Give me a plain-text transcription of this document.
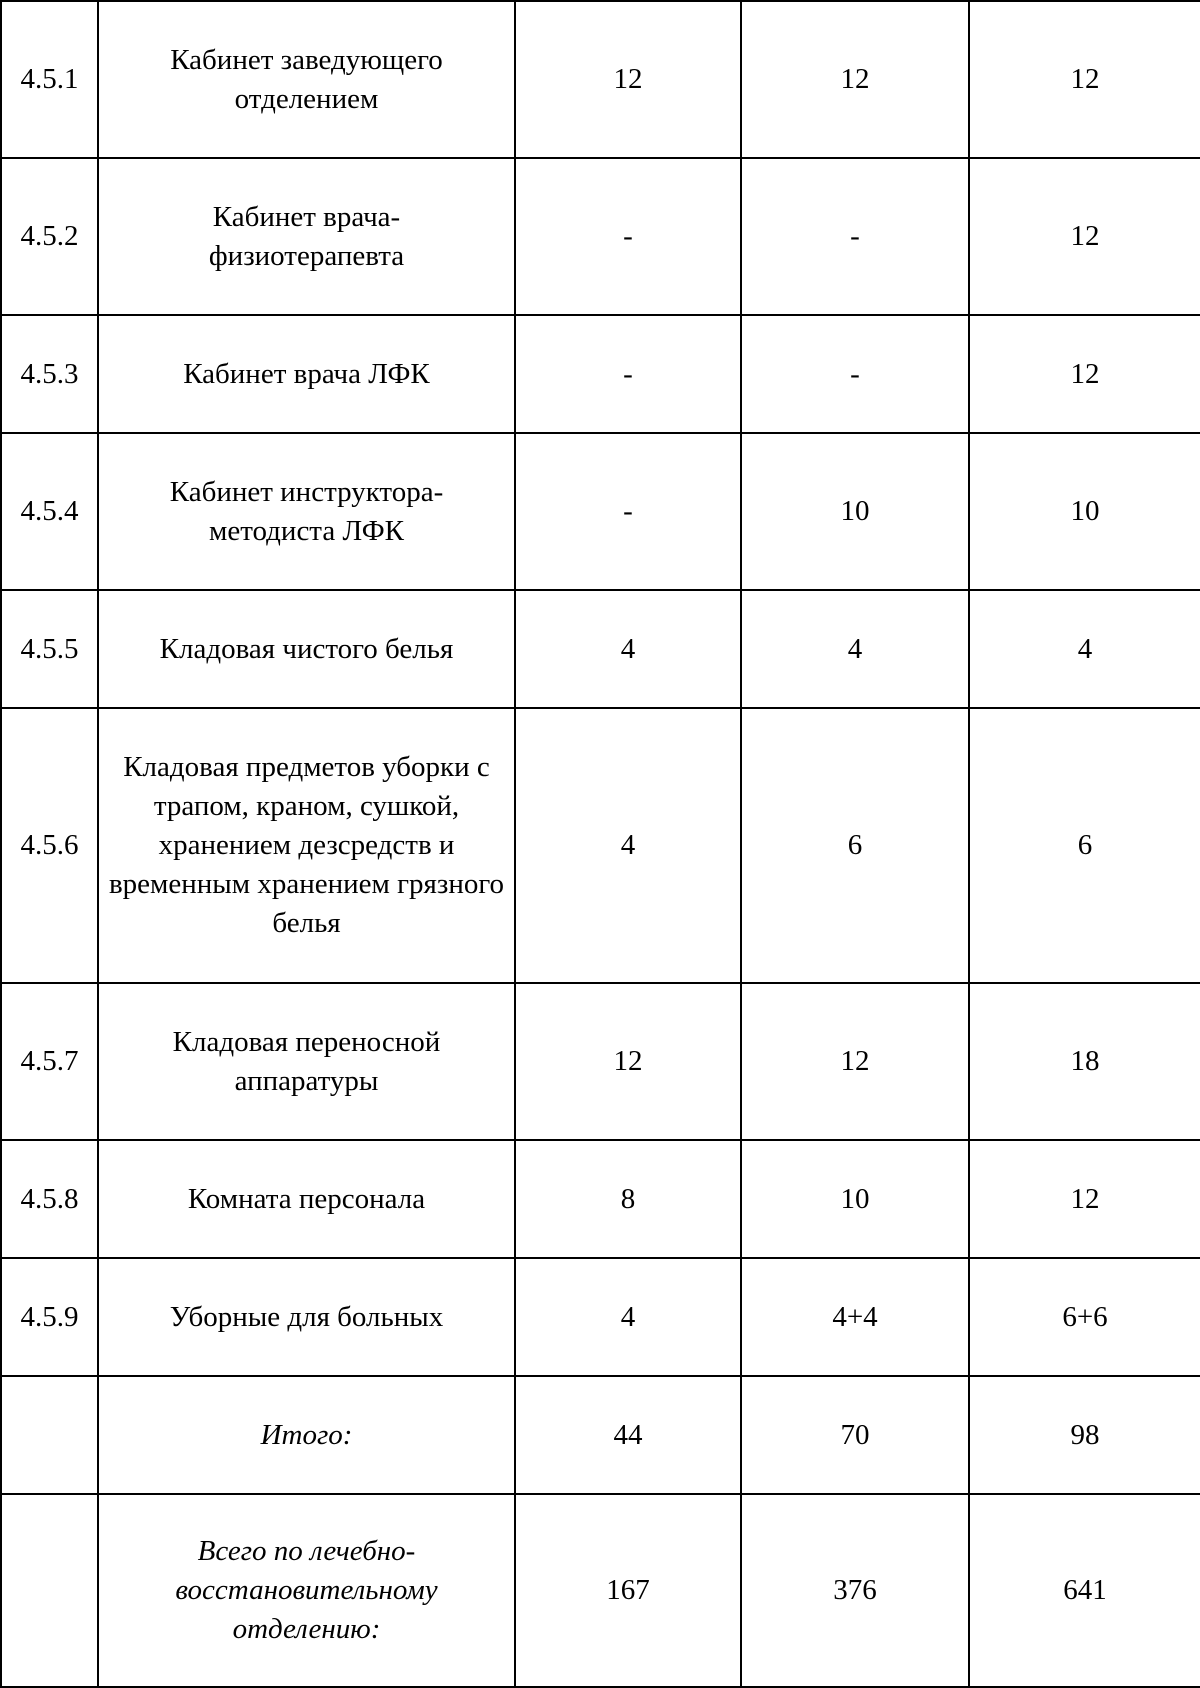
4.5.1	Кабинет заведующего отделением	12	12	12
4.5.2	Кабинет врача-физиотерапевта	-	-	12
4.5.3	Кабинет врача ЛФК	-	-	12
4.5.4	Кабинет инструктора-методиста ЛФК	-	10	10
4.5.5	Кладовая чистого белья	4	4	4
4.5.6	Кладовая предметов уборки с трапом, краном, сушкой, хранением дезсредств и временным хранением грязного белья	4	6	6
4.5.7	Кладовая переносной аппаратуры	12	12	18
4.5.8	Комната персонала	8	10	12
4.5.9	Уборные для больных	4	4+4	6+6
	Итого:	44	70	98
	Всего по лечебно-восстановительному отделению:	167	376	641
